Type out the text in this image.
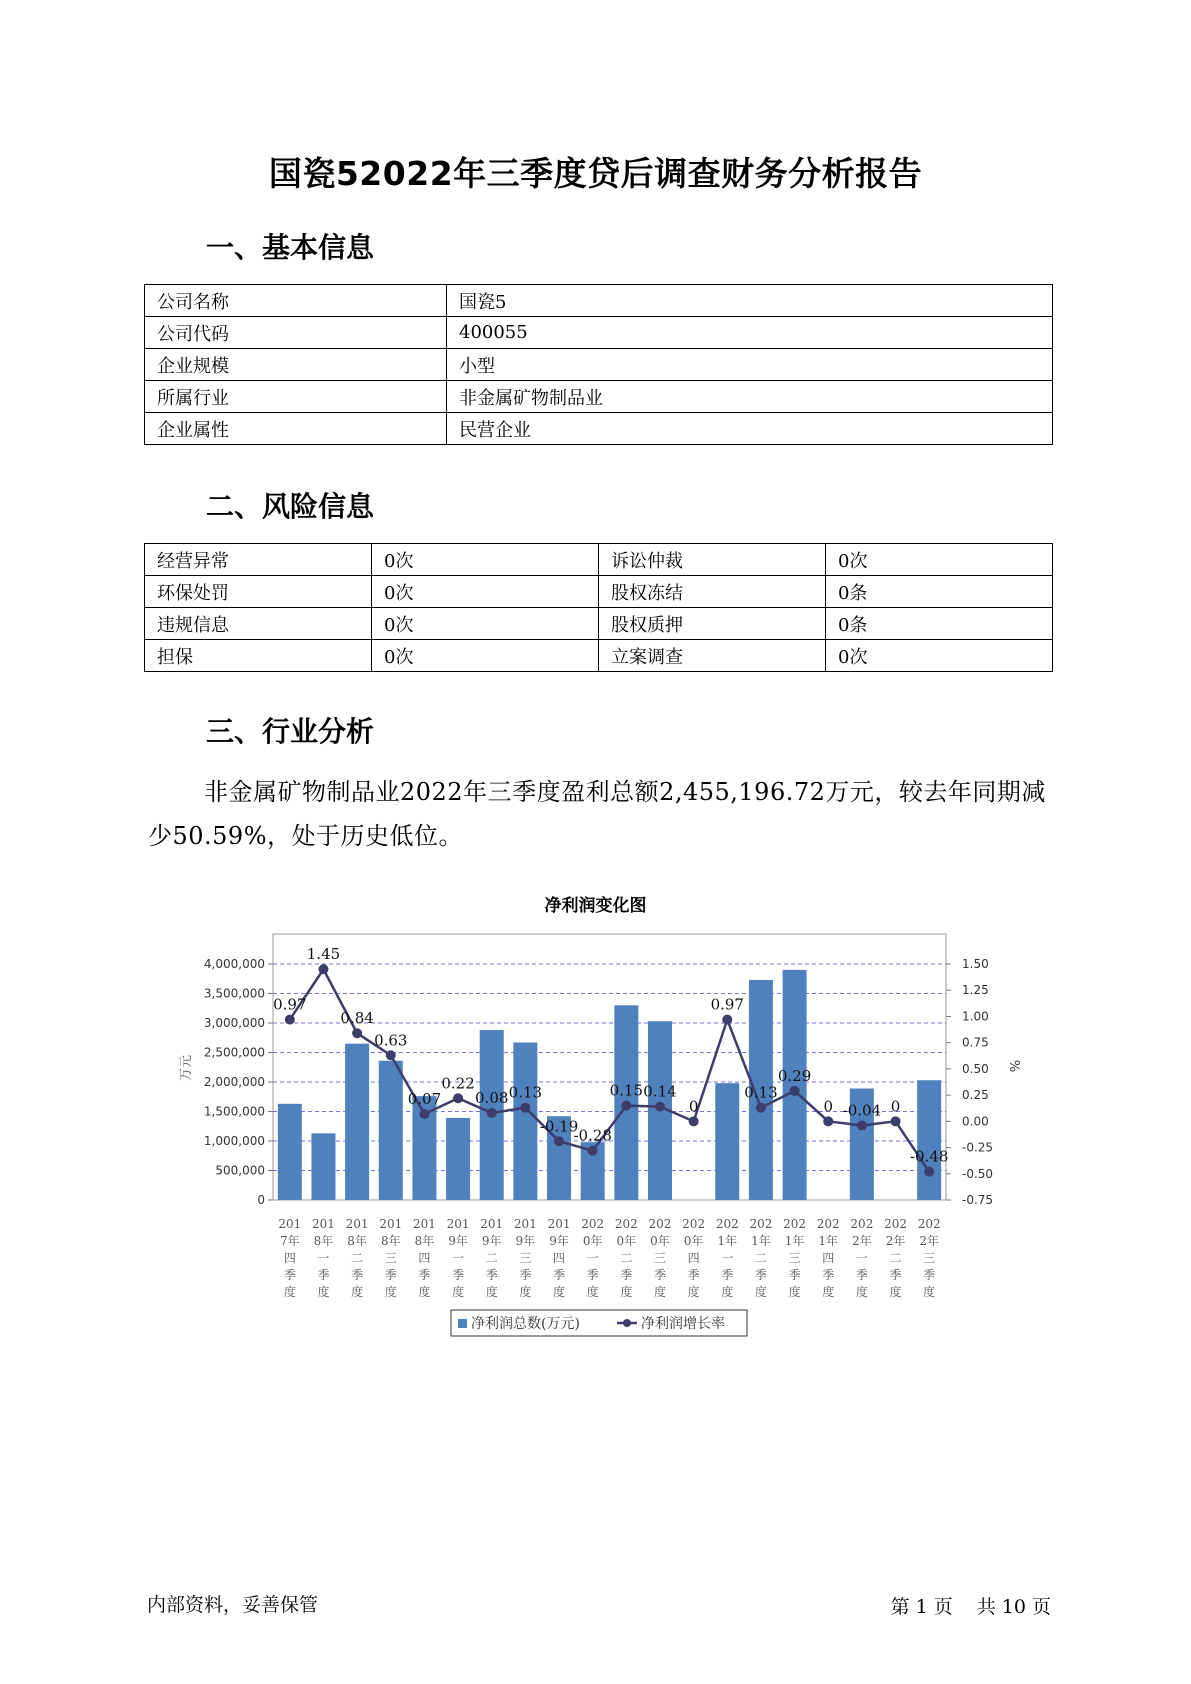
国瓷52022年三季度贷后调查财务分析报告
一、基本信息
公司名称	国瓷5
公司代码	400055
企业规模	小型
所属行业	非金属矿物制品业
企业属性	民营企业
二、风险信息
经营异常	0次	诉讼仲裁	0次
环保处罚	0次	股权冻结	0条
违规信息	0次	股权质押	0条
担保	0次	立案调查	0次
三、行业分析
非金属矿物制品业2022年三季度盈利总额2,455,196.72万元，较去年同期减少50.59%，处于历史低位。
净利润变化图
4,000,000
3,500,000
3,000,000
2,500,000
2,000,000
1,500,000
1,000,000
500,000
0
1.50
1.25
1.00
0.75
0.50
0.25
0.00
-0.25
-0.50
-0.75
万元	%
0.97
1.45
0.84
0.63
0.07
0.22
0.08 0.13
-0.19
-0.28
0.15 0.14
0
0.97
0.13
0.29
0 -0.04 0
-0.48
201
7年
四
季
度
201
8年
一
季
度
201
8年
二
季
度
201
8年
三
季
度
201
8年
四
季
度
201
9年
一
季
度
201
9年
二
季
度
201
9年
三
季
度
201
9年
四
季
度
202
0年
一
季
度
202
0年
二
季
度
202
0年
三
季
度
202
0年
四
季
度
202
1年
一
季
度
202
1年
二
季
度
202
1年
三
季
度
202
1年
四
季
度
202
2年
一
季
度
202
2年
二
季
度
202
2年
三
季
度
净利润总数(万元)	净利润增长率
内部资料，妥善保管	第 1 页 共 10 页
